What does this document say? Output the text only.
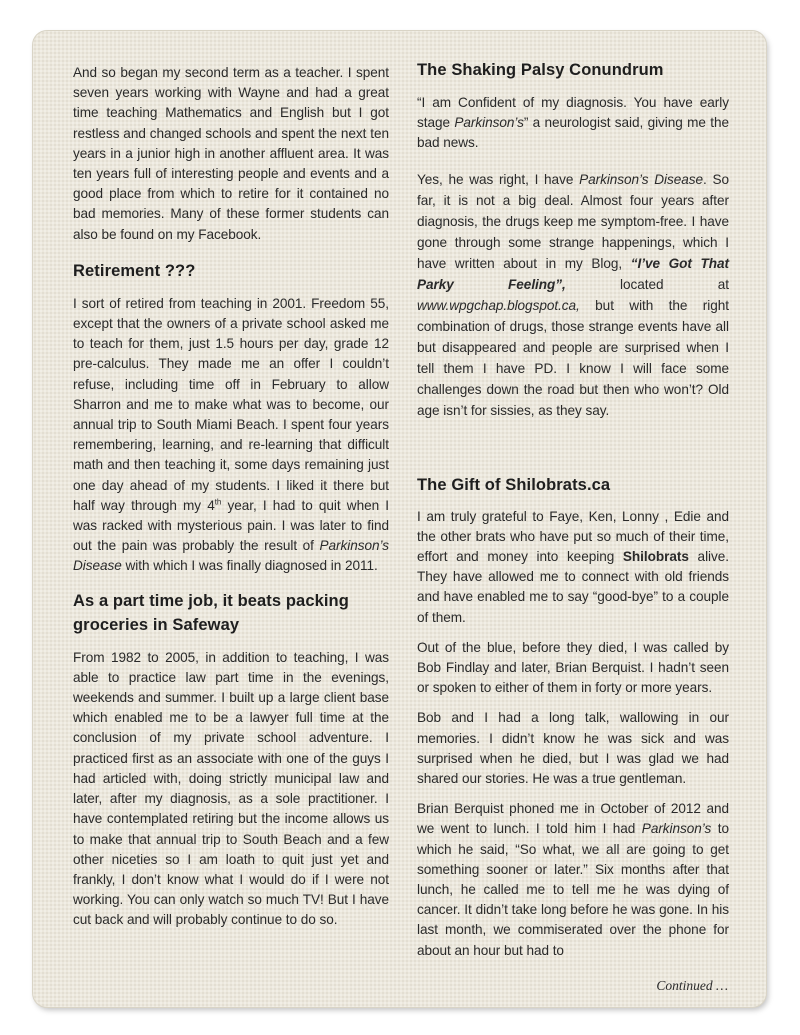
And so began my second term as a teacher. I spent seven years working with Wayne and had a great time teaching Mathematics and English but I got restless and changed schools and spent the next ten years in a junior high in another affluent area. It was ten years full of interesting people and events and a good place from which to retire for it contained no bad memories. Many of these former students can also be found on my Facebook.

Retirement ???

I sort of retired from teaching in 2001. Freedom 55, except that the owners of a private school asked me to teach for them, just 1.5 hours per day, grade 12 pre-calculus. They made me an offer I couldn’t refuse, including time off in February to allow Sharron and me to make what was to become, our annual trip to South Miami Beach. I spent four years remembering, learning, and re-learning that difficult math and then teaching it, some days remaining just one day ahead of my students. I liked it there but half way through my 4th year, I had to quit when I was racked with mysterious pain. I was later to find out the pain was probably the result of Parkinson’s Disease with which I was finally diagnosed in 2011.

As a part time job, it beats packing groceries in Safeway

From 1982 to 2005, in addition to teaching, I was able to practice law part time in the evenings, weekends and summer. I built up a large client base which enabled me to be a lawyer full time at the conclusion of my private school adventure. I practiced first as an associate with one of the guys I had articled with, doing strictly municipal law and later, after my diagnosis, as a sole practitioner. I have contemplated retiring but the income allows us to make that annual trip to South Beach and a few other niceties so I am loath to quit just yet and frankly, I don’t know what I would do if I were not working. You can only watch so much TV! But I have cut back and will probably continue to do so.

The Shaking Palsy Conundrum

“I am Confident of my diagnosis. You have early stage Parkinson’s” a neurologist said, giving me the bad news.

Yes, he was right, I have Parkinson’s Disease. So far, it is not a big deal. Almost four years after diagnosis, the drugs keep me symptom-free. I have gone through some strange happenings, which I have written about in my Blog, “I’ve Got That Parky Feeling”, located at www.wpgchap.blogspot.ca, but with the right combination of drugs, those strange events have all but disappeared and people are surprised when I tell them I have PD. I know I will face some challenges down the road but then who won’t? Old age isn’t for sissies, as they say.

The Gift of Shilobrats.ca

I am truly grateful to Faye, Ken, Lonny , Edie and the other brats who have put so much of their time, effort and money into keeping Shilobrats alive. They have allowed me to connect with old friends and have enabled me to say “good-bye” to a couple of them.

Out of the blue, before they died, I was called by Bob Findlay and later, Brian Berquist. I hadn’t seen or spoken to either of them in forty or more years.

Bob and I had a long talk, wallowing in our memories. I didn’t know he was sick and was surprised when he died, but I was glad we had shared our stories. He was a true gentleman.

Brian Berquist phoned me in October of 2012 and we went to lunch. I told him I had Parkinson’s to which he said, “So what, we all are going to get something sooner or later.” Six months after that lunch, he called me to tell me he was dying of cancer. It didn’t take long before he was gone. In his last month, we commiserated over the phone for about an hour but had to

Continued …
